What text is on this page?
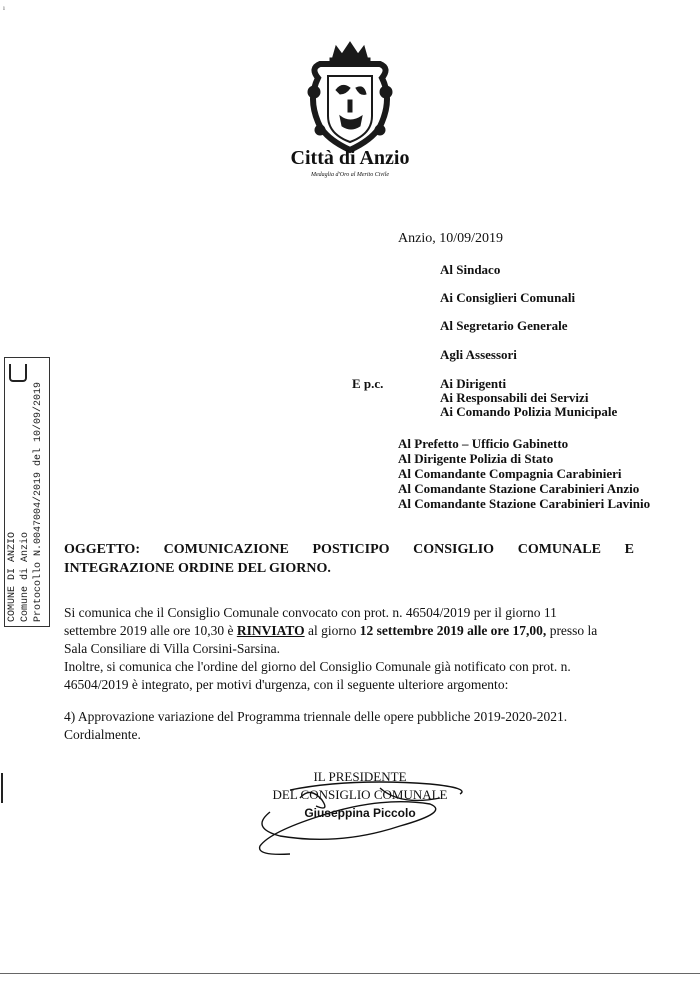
ı
Città di Anzio
Medaglia d'Oro al Merito Civile
Anzio, 10/09/2019
Al Sindaco
Ai Consiglieri Comunali
Al Segretario Generale
Agli Assessori
E p.c.	Ai Dirigenti
Ai Responsabili dei Servizi
Ai Comando Polizia Municipale
Al Prefetto – Ufficio Gabinetto
Al Dirigente Polizia di Stato
Al Comandante Compagnia Carabinieri
Al Comandante Stazione Carabinieri Anzio
Al Comandante Stazione Carabinieri Lavinio
COMUNE DI ANZIO Comune di Anzio Protocollo N.0047004/2019 del 10/09/2019 OGGETTO: COMUNICAZIONE POSTICIPO CONSIGLIO COMUNALE E
INTEGRAZIONE ORDINE DEL GIORNO.
Si comunica che il Consiglio Comunale convocato con prot. n. 46504/2019 per il giorno 11
settembre 2019 alle ore 10,30 è RINVIATO al giorno 12 settembre 2019 alle ore 17,00, presso la
Sala Consiliare di Villa Corsini-Sarsina.
Inoltre, si comunica che l'ordine del giorno del Consiglio Comunale già notificato con prot. n.
46504/2019 è integrato, per motivi d'urgenza, con il seguente ulteriore argomento:
4) Approvazione variazione del Programma triennale delle opere pubbliche 2019-2020-2021.
Cordialmente.
IL PRESIDENTE
DEL CONSIGLIO COMUNALE
Giuseppina Piccolo
